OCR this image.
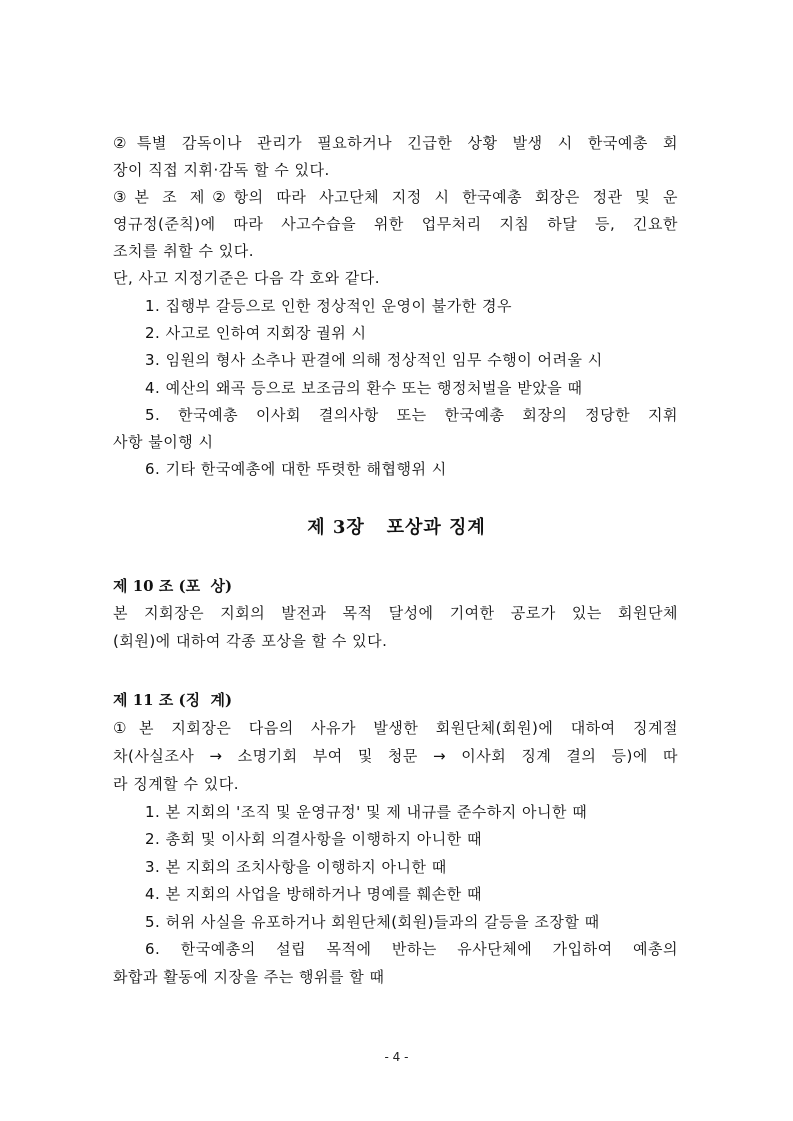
②특별 감독이나 관리가 필요하거나 긴급한 상황 발생 시 한국예총 회
장이 직접 지휘·감독 할 수 있다.
③본 조 제②항의 따라 사고단체 지정 시 한국예총 회장은 정관 및 운
영규정(준칙)에 따라 사고수습을 위한 업무처리 지침 하달 등, 긴요한
조치를 취할 수 있다.
단, 사고 지정기준은 다음 각 호와 같다.
1. 집행부 갈등으로 인한 정상적인 운영이 불가한 경우
2. 사고로 인하여 지회장 궐위 시
3. 임원의 형사 소추나 판결에 의해 정상적인 임무 수행이 어려울 시
4. 예산의 왜곡 등으로 보조금의 환수 또는 행정처벌을 받았을 때
5. 한국예총 이사회 결의사항 또는 한국예총 회장의 정당한 지휘
사항 불이행 시
6. 기타 한국예총에 대한 뚜렷한 해협행위 시
제 3장   포상과 징계
제 10 조 (포  상)
본 지회장은 지회의 발전과 목적 달성에 기여한 공로가 있는 회원단체
(회원)에 대하여 각종 포상을 할 수 있다.
제 11 조 (징  계)
①본 지회장은 다음의 사유가 발생한 회원단체(회원)에 대하여 징계절
차(사실조사 → 소명기회 부여 및 청문 → 이사회 징계 결의 등)에 따
라 징계할 수 있다.
1. 본 지회의 '조직 및 운영규정' 및 제 내규를 준수하지 아니한 때
2. 총회 및 이사회 의결사항을 이행하지 아니한 때
3. 본 지회의 조치사항을 이행하지 아니한 때
4. 본 지회의 사업을 방해하거나 명예를 훼손한 때
5. 허위 사실을 유포하거나 회원단체(회원)들과의 갈등을 조장할 때
6. 한국예총의 설립 목적에 반하는 유사단체에 가입하여 예총의
화합과 활동에 지장을 주는 행위를 할 때
- 4 -
